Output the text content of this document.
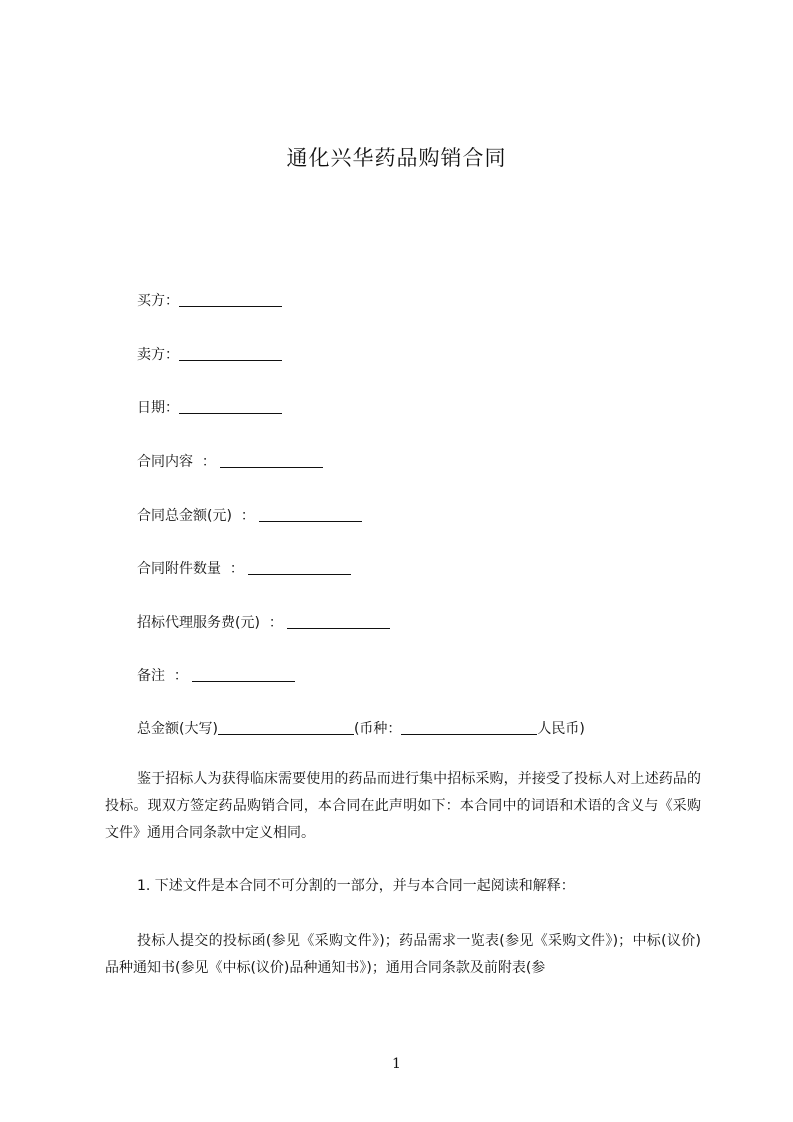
通化兴华药品购销合同
买方：
卖方：
日期：
合同内容  ：
合同总金额(元)  ：
合同附件数量  ：
招标代理服务费(元)  ：
备注  ：
总金额(大写)	(币种：	人民币)
鉴于招标人为获得临床需要使用的药品而进行集中招标采购，并接受了投标人对上述药品的投标。现双方签定药品购销合同，本合同在此声明如下：本合同中的词语和术语的含义与《采购文件》通用合同条款中定义相同。
1. 下述文件是本合同不可分割的一部分，并与本合同一起阅读和解释：
投标人提交的投标函(参见《采购文件》)；药品需求一览表(参见《采购文件》)；中标(议价)品种通知书(参见《中标(议价)品种通知书》)；通用合同条款及前附表(参
1
